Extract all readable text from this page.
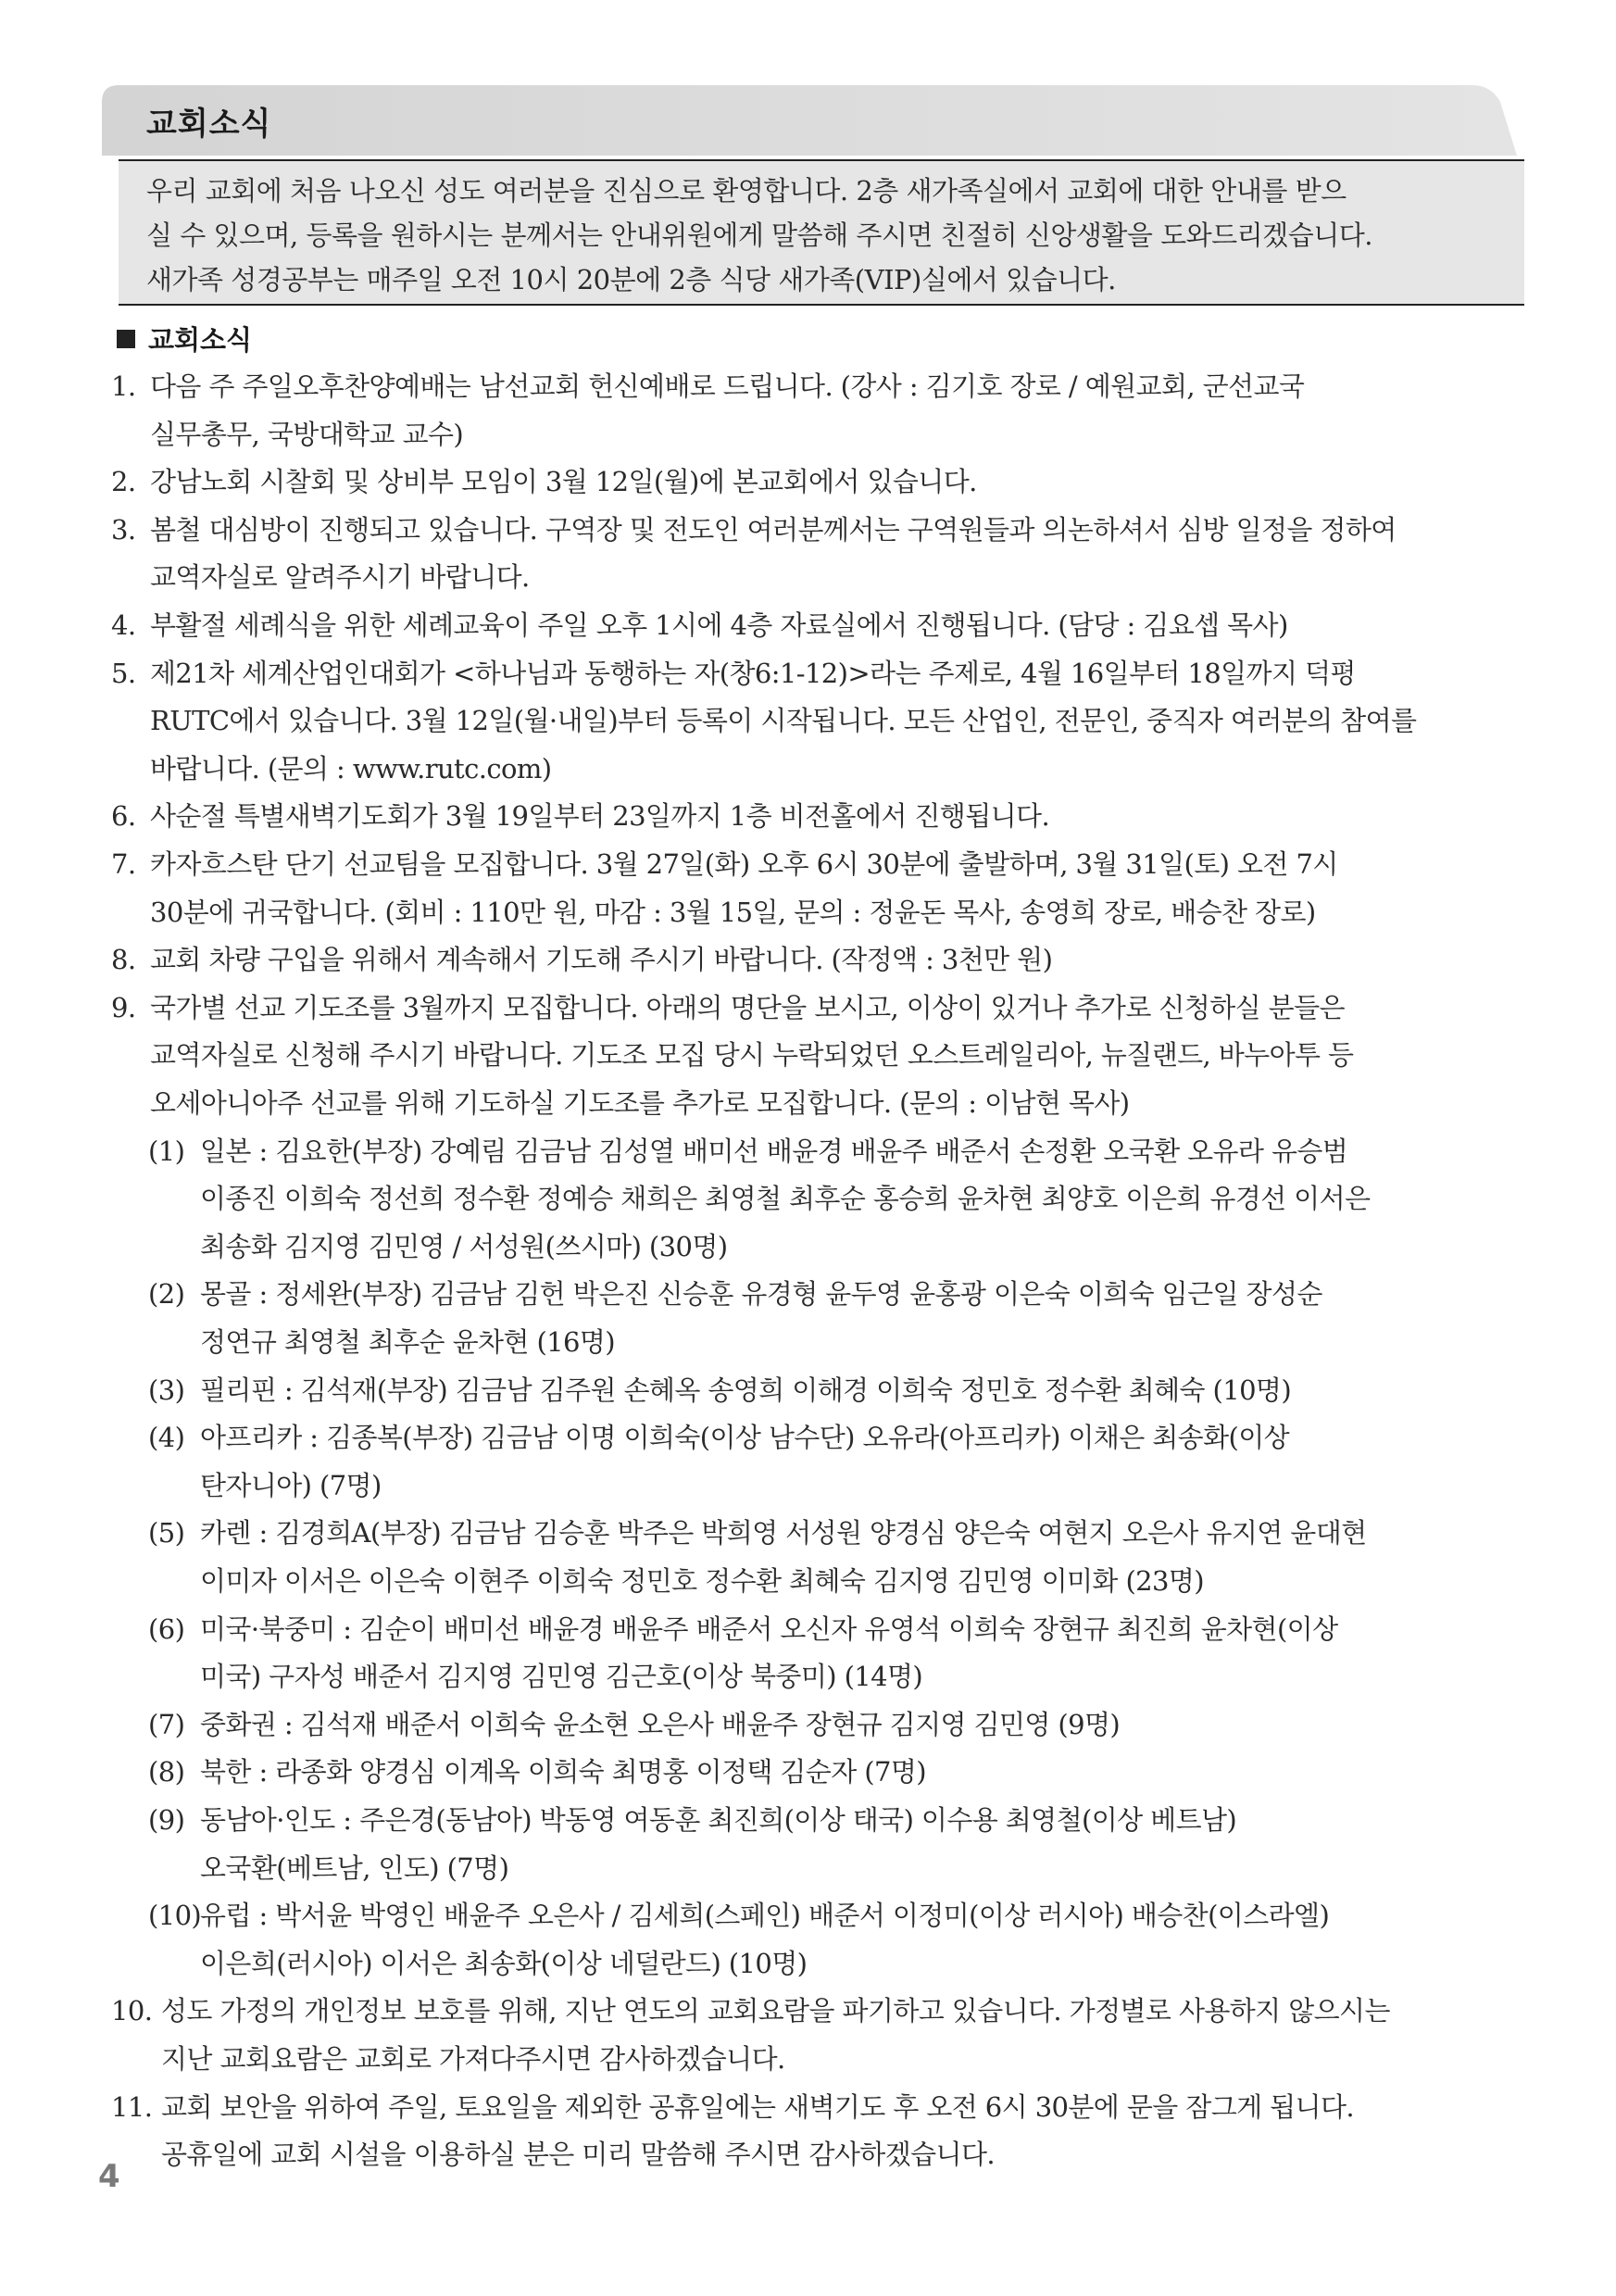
교회소식

우리 교회에 처음 나오신 성도 여러분을 진심으로 환영합니다. 2층 새가족실에서 교회에 대한 안내를 받으

실 수 있으며, 등록을 원하시는 분께서는 안내위원에게 말씀해 주시면 친절히 신앙생활을 도와드리겠습니다.

새가족 성경공부는 매주일 오전 10시 20분에 2층 식당 새가족(VIP)실에서 있습니다.

교회소식
1. 다음 주 주일오후찬양예배는 남선교회 헌신예배로 드립니다. (강사 : 김기호 장로 / 예원교회, 군선교국
실무총무, 국방대학교 교수)
2. 강남노회 시찰회 및 상비부 모임이 3월 12일(월)에 본교회에서 있습니다.
3. 봄철 대심방이 진행되고 있습니다. 구역장 및 전도인 여러분께서는 구역원들과 의논하셔서 심방 일정을 정하여
교역자실로 알려주시기 바랍니다.
4. 부활절 세례식을 위한 세례교육이 주일 오후 1시에 4층 자료실에서 진행됩니다. (담당 : 김요셉 목사)
5. 제21차 세계산업인대회가 <하나님과 동행하는 자(창6:1-12)>라는 주제로, 4월 16일부터 18일까지 덕평
RUTC에서 있습니다. 3월 12일(월·내일)부터 등록이 시작됩니다. 모든 산업인, 전문인, 중직자 여러분의 참여를
바랍니다. (문의 : www.rutc.com)
6. 사순절 특별새벽기도회가 3월 19일부터 23일까지 1층 비전홀에서 진행됩니다.
7. 카자흐스탄 단기 선교팀을 모집합니다. 3월 27일(화) 오후 6시 30분에 출발하며, 3월 31일(토) 오전 7시
30분에 귀국합니다. (회비 : 110만 원, 마감 : 3월 15일, 문의 : 정윤돈 목사, 송영희 장로, 배승찬 장로)
8. 교회 차량 구입을 위해서 계속해서 기도해 주시기 바랍니다. (작정액 : 3천만 원)
9. 국가별 선교 기도조를 3월까지 모집합니다. 아래의 명단을 보시고, 이상이 있거나 추가로 신청하실 분들은
교역자실로 신청해 주시기 바랍니다. 기도조 모집 당시 누락되었던 오스트레일리아, 뉴질랜드, 바누아투 등
오세아니아주 선교를 위해 기도하실 기도조를 추가로 모집합니다. (문의 : 이남현 목사)
(1) 일본 : 김요한(부장) 강예림 김금남 김성열 배미선 배윤경 배윤주 배준서 손정환 오국환 오유라 유승범
이종진 이희숙 정선희 정수환 정예승 채희은 최영철 최후순 홍승희 윤차현 최양호 이은희 유경선 이서은
최송화 김지영 김민영 / 서성원(쓰시마) (30명)
(2) 몽골 : 정세완(부장) 김금남 김헌 박은진 신승훈 유경형 윤두영 윤홍광 이은숙 이희숙 임근일 장성순
정연규 최영철 최후순 윤차현 (16명)
(3) 필리핀 : 김석재(부장) 김금남 김주원 손혜옥 송영희 이해경 이희숙 정민호 정수환 최혜숙 (10명)
(4) 아프리카 : 김종복(부장) 김금남 이명 이희숙(이상 남수단) 오유라(아프리카) 이채은 최송화(이상
탄자니아) (7명)
(5) 카렌 : 김경희A(부장) 김금남 김승훈 박주은 박희영 서성원 양경심 양은숙 여현지 오은사 유지연 윤대현
이미자 이서은 이은숙 이현주 이희숙 정민호 정수환 최혜숙 김지영 김민영 이미화 (23명)
(6) 미국·북중미 : 김순이 배미선 배윤경 배윤주 배준서 오신자 유영석 이희숙 장현규 최진희 윤차현(이상
미국) 구자성 배준서 김지영 김민영 김근호(이상 북중미) (14명)
(7) 중화권 : 김석재 배준서 이희숙 윤소현 오은사 배윤주 장현규 김지영 김민영 (9명)
(8) 북한 : 라종화 양경심 이계옥 이희숙 최명홍 이정택 김순자 (7명)
(9) 동남아·인도 : 주은경(동남아) 박동영 여동훈 최진희(이상 태국) 이수용 최영철(이상 베트남)
오국환(베트남, 인도) (7명)
(10)
유럽 : 박서윤 박영인 배윤주 오은사 / 김세희(스페인) 배준서 이정미(이상 러시아) 배승찬(이스라엘)
이은희(러시아) 이서은 최송화(이상 네덜란드) (10명)
10. 성도 가정의 개인정보 보호를 위해, 지난 연도의 교회요람을 파기하고 있습니다. 가정별로 사용하지 않으시는
지난 교회요람은 교회로 가져다주시면 감사하겠습니다.
11. 교회 보안을 위하여 주일, 토요일을 제외한 공휴일에는 새벽기도 후 오전 6시 30분에 문을 잠그게 됩니다.
공휴일에 교회 시설을 이용하실 분은 미리 말씀해 주시면 감사하겠습니다.
4
